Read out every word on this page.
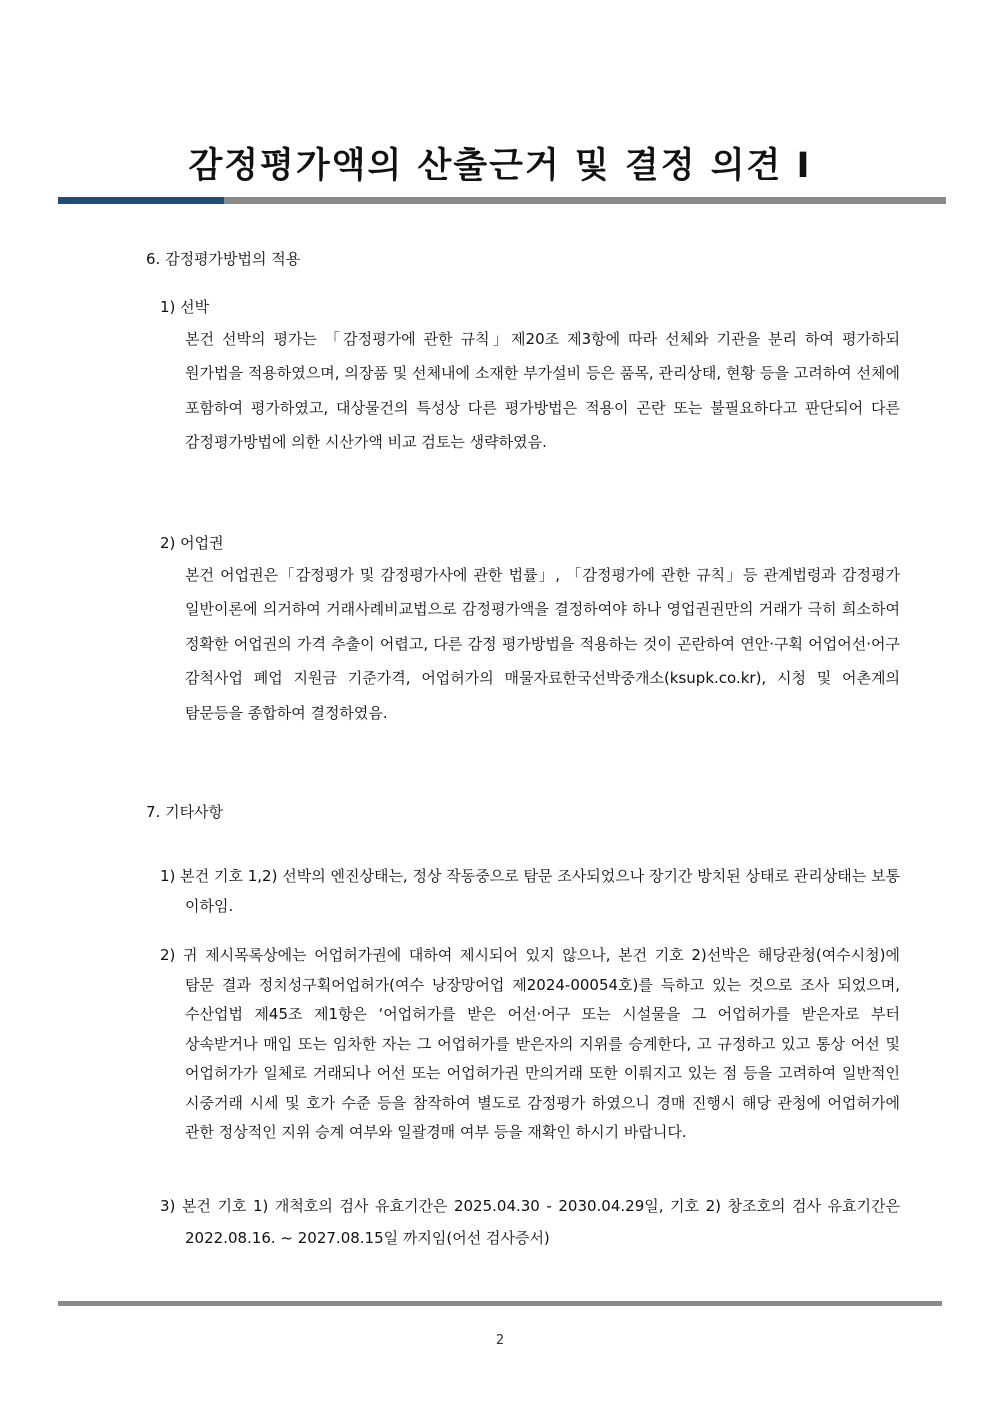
감정평가액의 산출근거 및 결정 의견 I

6. 감정평가방법의 적용

1) 선박

본건 선박의 평가는 「감정평가에 관한 규칙」제20조 제3항에 따라 선체와 기관을 분리 하여 평가하되 원가법을 적용하였으며, 의장품 및 선체내에 소재한 부가설비 등은 품목, 관리상태, 현황 등을 고려하여 선체에 포함하여 평가하였고, 대상물건의 특성상 다른 평가방법은 적용이 곤란 또는 불필요하다고 판단되어 다른 감정평가방법에 의한 시산가액 비교 검토는 생략하였음.

2) 어업권

본건 어업권은「감정평가 및 감정평가사에 관한 법률」, 「감정평가에 관한 규칙」등 관계법령과 감정평가 일반이론에 의거하여 거래사례비교법으로 감정평가액을 결정하여야 하나 영업권권만의 거래가 극히 희소하여 정확한 어업권의 가격 추출이 어렵고, 다른 감정 평가방법을 적용하는 것이 곤란하여 연안·구획 어업어선·어구 감척사업 폐업 지원금 기준가격, 어업허가의 매물자료한국선박중개소(ksupk.co.kr), 시청 및 어촌계의 탐문등을 종합하여 결정하였음.

7. 기타사항

1) 본건 기호 1,2) 선박의 엔진상태는, 정상 작동중으로 탐문 조사되었으나 장기간 방치된 상태로 관리상태는 보통 이하임.

2) 귀 제시목록상에는 어업허가권에 대하여 제시되어 있지 않으나, 본건 기호 2)선박은 해당관청(여수시청)에 탐문 결과 정치성구획어업허가(여수 낭장망어업 제2024-00054호)를 득하고 있는 것으로 조사 되었으며, 수산업법 제45조 제1항은 ‘어업허가를 받은 어선·어구 또는 시설물을 그 어업허가를 받은자로 부터 상속받거나 매입 또는 임차한 자는 그 어업허가를 받은자의 지위를 승계한다, 고 규정하고 있고 통상 어선 및 어업허가가 일체로 거래되나 어선 또는 어업허가권 만의거래 또한 이뤄지고 있는 점 등을 고려하여 일반적인 시중거래 시세 및 호가 수준 등을 참작하여 별도로 감정평가 하였으니 경매 진행시 해당 관청에 어업허가에 관한 정상적인 지위 승계 여부와 일괄경매 여부 등을 재확인 하시기 바랍니다.

3) 본건 기호 1) 개척호의 검사 유효기간은 2025.04.30 - 2030.04.29일, 기호 2) 창조호의 검사 유효기간은 2022.08.16. ~ 2027.08.15일 까지임(어선 검사증서)

2
